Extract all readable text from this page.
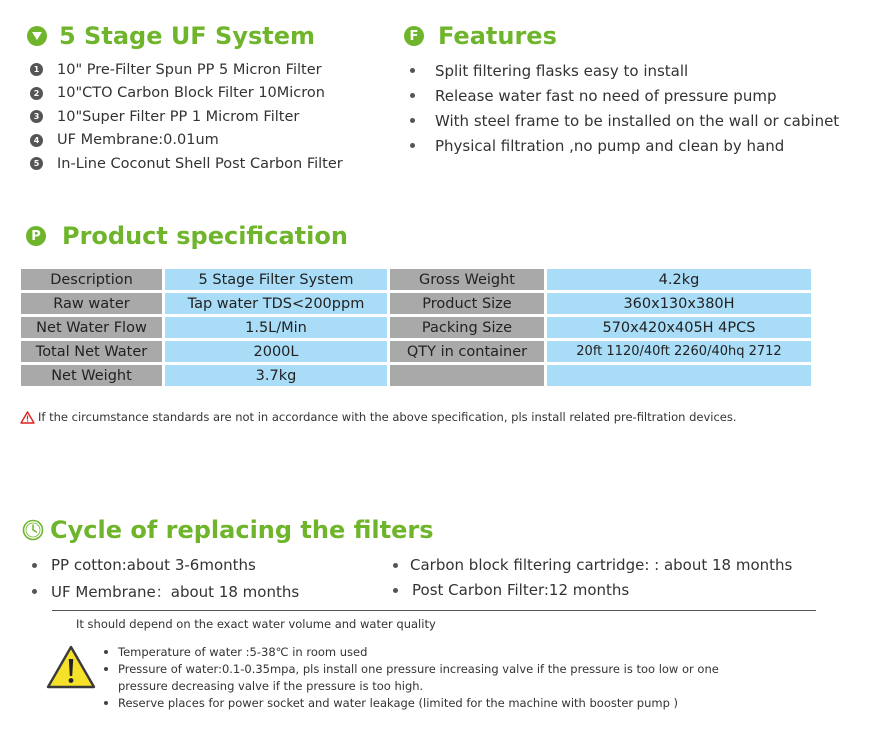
5 Stage UF System
1 10" Pre-Filter Spun PP 5 Micron Filter
2 10"CTO Carbon Block Filter 10Micron
3 10"Super Filter PP 1 Microm Filter
4 UF Membrane:0.01um
5 In-Line Coconut Shell Post Carbon Filter
F Features
Split filtering flasks easy to install
Release water fast no need of pressure pump
With steel frame to be installed on the wall or cabinet
Physical filtration ,no pump and clean by hand
P Product specification
Description	5 Stage Filter System	Gross Weight	4.2kg
Raw water	Tap water TDS<200ppm	Product Size	360x130x380H
Net Water Flow	1.5L/Min	Packing Size	570x420x405H 4PCS
Total Net Water	2000L	QTY in container	20ft 1120/40ft 2260/40hq 2712
Net Weight	3.7kg		
If the circumstance standards are not in accordance with the above specification, pls install related pre-filtration devices.
Cycle of replacing the filters
PP cotton:about 3-6months
UF Membrane：about 18 months
Carbon block filtering cartridge: : about 18 months
Post Carbon Filter:12 months
It should depend on the exact water volume and water quality
Temperature of water :5-38℃ in room used
Pressure of water:0.1-0.35mpa, pls install one pressure increasing valve if the pressure is too low or one
pressure decreasing valve if the pressure is too high.
Reserve places for power socket and water leakage (limited for the machine with booster pump )
